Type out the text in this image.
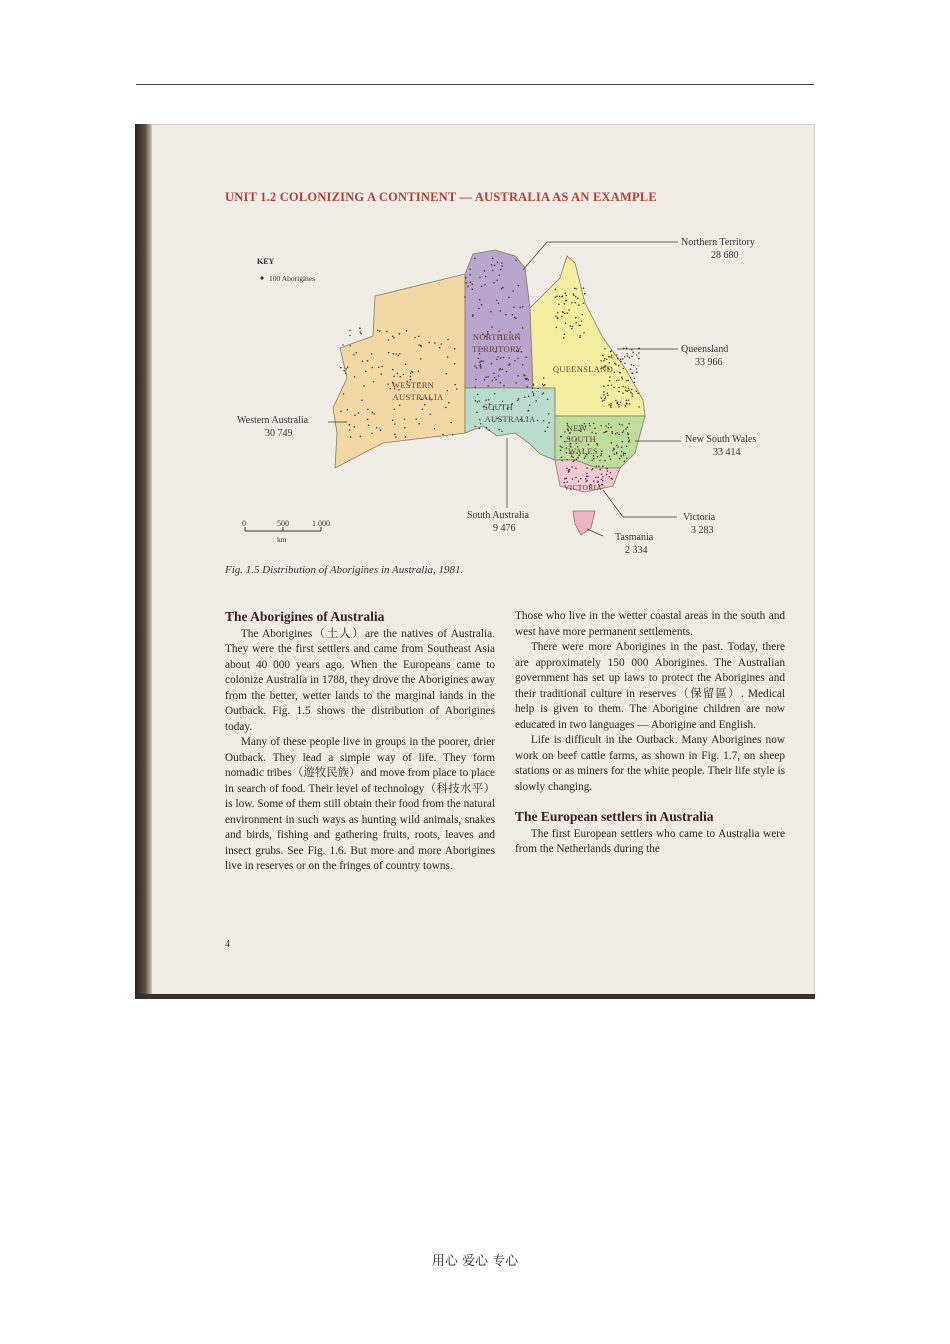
UNIT 1.2 COLONIZING A CONTINENT — AUSTRALIA AS AN EXAMPLE
KEY
100 Aborigines
WESTERN
AUSTRALIA
NORTHERN
TERRITORY
QUEENSLAND
SOUTH
AUSTRALIA
NEW
SOUTH
WALES
VICTORIA
Northern Territory
28 680
Queensland
33 966
Western Australia
30 749
New South Wales
33 414
South Australia
9 476
Victoria
3 283
Tasmania
2 334
0	500	1 000
km
Fig. 1.5 Distribution of Aborigines in Australia, 1981.
The Aborigines of Australia

The Aborigines（土人）are the natives of Australia. They were the first settlers and came from Southeast Asia about 40 000 years ago. When the Europeans came to colonize Australia in 1788, they drove the Aborigines away from the better, wetter lands to the marginal lands in the Outback. Fig. 1.5 shows the distribution of Aborigines today.

Many of these people live in groups in the poorer, drier Outback. They lead a simple way of life. They form nomadic tribes（遊牧民族）and move from place to place in search of food. Their level of technology（科技水平）is low. Some of them still obtain their food from the natural environment in such ways as hunting wild animals, snakes and birds, fishing and gathering fruits, roots, leaves and insect grubs. See Fig. 1.6. But more and more Aborigines live in reserves or on the fringes of country towns.

Those who live in the wetter coastal areas in the south and west have more permanent settlements.

There were more Aborigines in the past. Today, there are approximately 150 000 Aborigines. The Australian government has set up laws to protect the Aborigines and their traditional culture in reserves（保留區）. Medical help is given to them. The Aborigine children are now educated in two languages — Aborigine and English.

Life is difficult in the Outback. Many Aborigines now work on beef cattle farms, as shown in Fig. 1.7, on sheep stations or as miners for the white people. Their life style is slowly changing.

The European settlers in Australia

The first European settlers who came to Australia were from the Netherlands during the

4
用心 爱心 专心
